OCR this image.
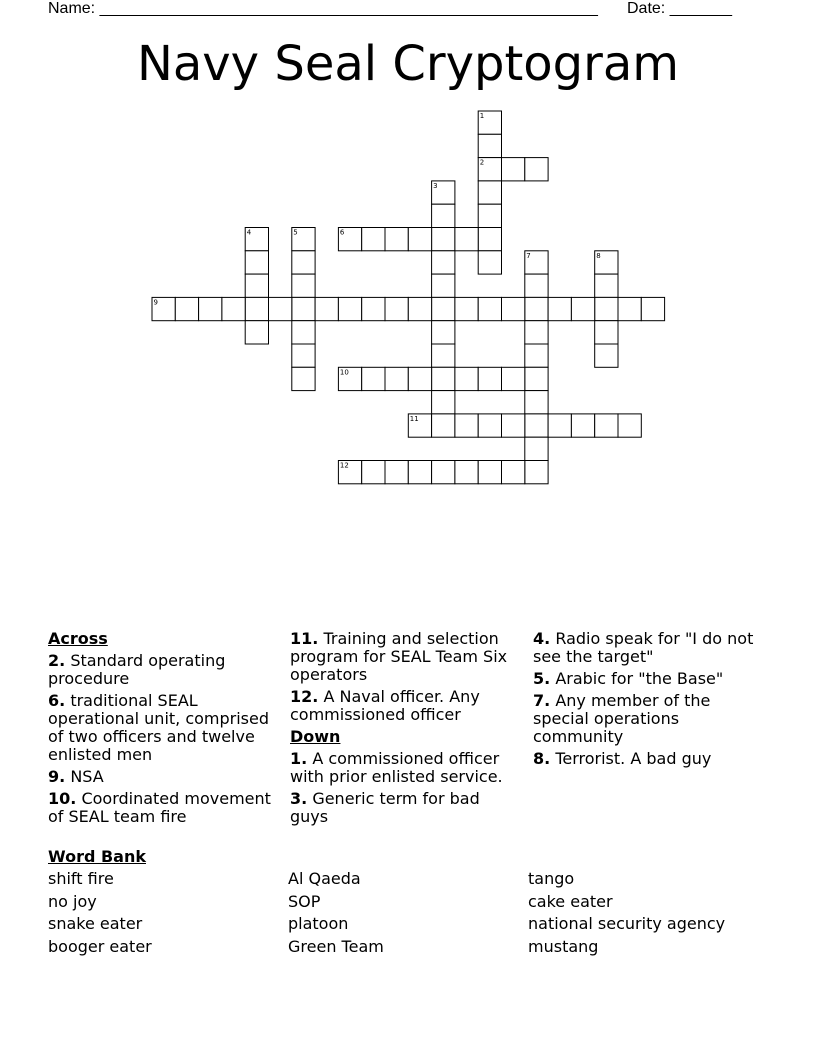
Name: ________________________________________________________ Date: _______
Navy Seal Cryptogram
1
2
3
4	5	6
7	8
9
10
11
12
Across
2. Standard operating procedure
6. traditional SEAL operational unit, comprised of two officers and twelve enlisted men
9. NSA
10. Coordinated movement of SEAL team fire
11. Training and selection program for SEAL Team Six operators
12. A Naval officer. Any commissioned officer
Down
1. A commissioned officer with prior enlisted service.
3. Generic term for bad guys
4. Radio speak for "I do not see the target"
5. Arabic for "the Base"
7. Any member of the special operations community
8. Terrorist. A bad guy
Word Bank
shift fire
no joy
snake eater
booger eater
Al Qaeda
SOP
platoon
Green Team
tango
cake eater
national security agency
mustang
